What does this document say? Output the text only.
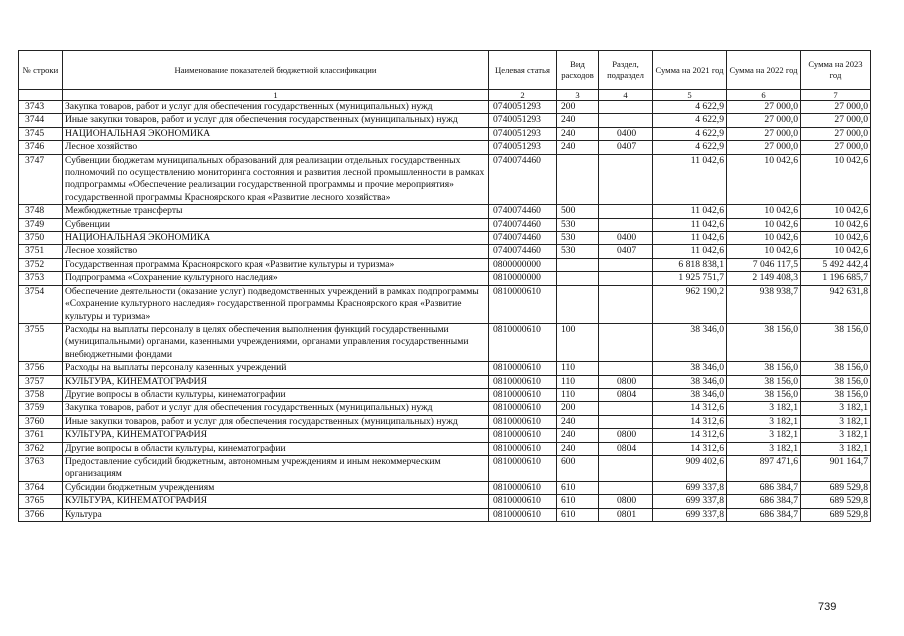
№ строки	Наименование показателей бюджетной классификации	Целевая статья	Вид расходов	Раздел, подраздел	Сумма на 2021 год	Сумма на 2022 год	Сумма на 2023 год
	1	2	3	4	5	6	7
3743	Закупка товаров, работ и услуг для обеспечения государственных (муниципальных) нужд	0740051293	200		4 622,9	27 000,0	27 000,0
3744	Иные закупки товаров, работ и услуг для обеспечения государственных (муниципальных) нужд	0740051293	240		4 622,9	27 000,0	27 000,0
3745	НАЦИОНАЛЬНАЯ ЭКОНОМИКА	0740051293	240	0400	4 622,9	27 000,0	27 000,0
3746	Лесное хозяйство	0740051293	240	0407	4 622,9	27 000,0	27 000,0
3747	Субвенции бюджетам муниципальных образований для реализации отдельных государственных полномочий по осуществлению мониторинга состояния и развития лесной промышленности в рамках подпрограммы «Обеспечение реализации государственной программы и прочие мероприятия» государственной программы Красноярского края «Развитие лесного хозяйства»	0740074460			11 042,6	10 042,6	10 042,6
3748	Межбюджетные трансферты	0740074460	500		11 042,6	10 042,6	10 042,6
3749	Субвенции	0740074460	530		11 042,6	10 042,6	10 042,6
3750	НАЦИОНАЛЬНАЯ ЭКОНОМИКА	0740074460	530	0400	11 042,6	10 042,6	10 042,6
3751	Лесное хозяйство	0740074460	530	0407	11 042,6	10 042,6	10 042,6
3752	Государственная программа Красноярского края «Развитие культуры и туризма»	0800000000			6 818 838,1	7 046 117,5	5 492 442,4
3753	Подпрограмма «Сохранение культурного наследия»	0810000000			1 925 751,7	2 149 408,3	1 196 685,7
3754	Обеспечение деятельности (оказание услуг) подведомственных учреждений в рамках подпрограммы «Сохранение культурного наследия» государственной программы Красноярского края «Развитие культуры и туризма»	0810000610			962 190,2	938 938,7	942 631,8
3755	Расходы на выплаты персоналу в целях обеспечения выполнения функций государственными (муниципальными) органами, казенными учреждениями, органами управления государственными внебюджетными фондами	0810000610	100		38 346,0	38 156,0	38 156,0
3756	Расходы на выплаты персоналу казенных учреждений	0810000610	110		38 346,0	38 156,0	38 156,0
3757	КУЛЬТУРА, КИНЕМАТОГРАФИЯ	0810000610	110	0800	38 346,0	38 156,0	38 156,0
3758	Другие вопросы в области культуры, кинематографии	0810000610	110	0804	38 346,0	38 156,0	38 156,0
3759	Закупка товаров, работ и услуг для обеспечения государственных (муниципальных) нужд	0810000610	200		14 312,6	3 182,1	3 182,1
3760	Иные закупки товаров, работ и услуг для обеспечения государственных (муниципальных) нужд	0810000610	240		14 312,6	3 182,1	3 182,1
3761	КУЛЬТУРА, КИНЕМАТОГРАФИЯ	0810000610	240	0800	14 312,6	3 182,1	3 182,1
3762	Другие вопросы в области культуры, кинематографии	0810000610	240	0804	14 312,6	3 182,1	3 182,1
3763	Предоставление субсидий бюджетным, автономным учреждениям и иным некоммерческим организациям	0810000610	600		909 402,6	897 471,6	901 164,7
3764	Субсидии бюджетным учреждениям	0810000610	610		699 337,8	686 384,7	689 529,8
3765	КУЛЬТУРА, КИНЕМАТОГРАФИЯ	0810000610	610	0800	699 337,8	686 384,7	689 529,8
3766	Культура	0810000610	610	0801	699 337,8	686 384,7	689 529,8
739
